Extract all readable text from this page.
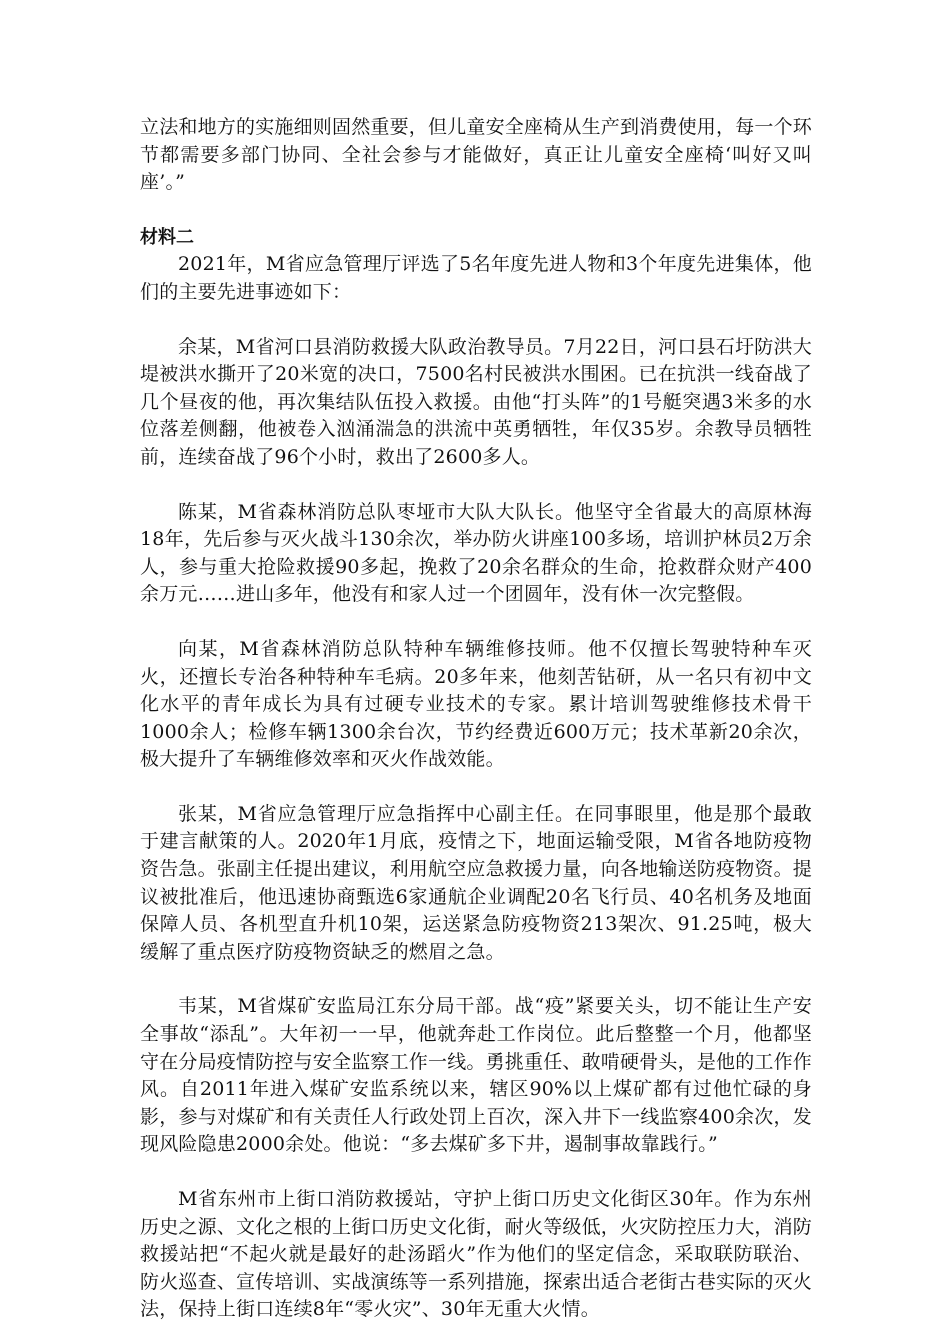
立法和地方的实施细则固然重要，但儿童安全座椅从生产到消费使用，每一个环节都需要多部门协同、全社会参与才能做好，真正让儿童安全座椅‘叫好又叫座’。”

材料二

2021年，M省应急管理厅评选了5名年度先进人物和3个年度先进集体，他们的主要先进事迹如下：

余某，M省河口县消防救援大队政治教导员。7月22日，河口县石圩防洪大堤被洪水撕开了20米宽的决口，7500名村民被洪水围困。已在抗洪一线奋战了几个昼夜的他，再次集结队伍投入救援。由他“打头阵”的1号艇突遇3米多的水位落差侧翻，他被卷入汹涌湍急的洪流中英勇牺牲，年仅35岁。余教导员牺牲前，连续奋战了96个小时，救出了2600多人。

陈某，M省森林消防总队枣垭市大队大队长。他坚守全省最大的高原林海18年，先后参与灭火战斗130余次，举办防火讲座100多场，培训护林员2万余人，参与重大抢险救援90多起，挽救了20余名群众的生命，抢救群众财产400余万元……进山多年，他没有和家人过一个团圆年，没有休一次完整假。

向某，M省森林消防总队特种车辆维修技师。他不仅擅长驾驶特种车灭火，还擅长专治各种特种车毛病。20多年来，他刻苦钻研，从一名只有初中文化水平的青年成长为具有过硬专业技术的专家。累计培训驾驶维修技术骨干1000余人；检修车辆1300余台次，节约经费近600万元；技术革新20余次，极大提升了车辆维修效率和灭火作战效能。

张某，M省应急管理厅应急指挥中心副主任。在同事眼里，他是那个最敢于建言献策的人。2020年1月底，疫情之下，地面运输受限，M省各地防疫物资告急。张副主任提出建议，利用航空应急救援力量，向各地输送防疫物资。提议被批准后，他迅速协商甄选6家通航企业调配20名飞行员、40名机务及地面保障人员、各机型直升机10架，运送紧急防疫物资213架次、91.25吨，极大缓解了重点医疗防疫物资缺乏的燃眉之急。

韦某，M省煤矿安监局江东分局干部。战“疫”紧要关头，切不能让生产安全事故“添乱”。大年初一一早，他就奔赴工作岗位。此后整整一个月，他都坚守在分局疫情防控与安全监察工作一线。勇挑重任、敢啃硬骨头，是他的工作作风。自2011年进入煤矿安监系统以来，辖区90%以上煤矿都有过他忙碌的身影，参与对煤矿和有关责任人行政处罚上百次，深入井下一线监察400余次，发现风险隐患2000余处。他说：“多去煤矿多下井，遏制事故靠践行。”

M省东州市上街口消防救援站，守护上街口历史文化街区30年。作为东州历史之源、文化之根的上街口历史文化街，耐火等级低，火灾防控压力大，消防救援站把“不起火就是最好的赴汤蹈火”作为他们的坚定信念，采取联防联治、防火巡查、宣传培训、实战演练等一系列措施，探索出适合老街古巷实际的灭火法，保持上街口连续8年“零火灾”、30年无重大火情。
